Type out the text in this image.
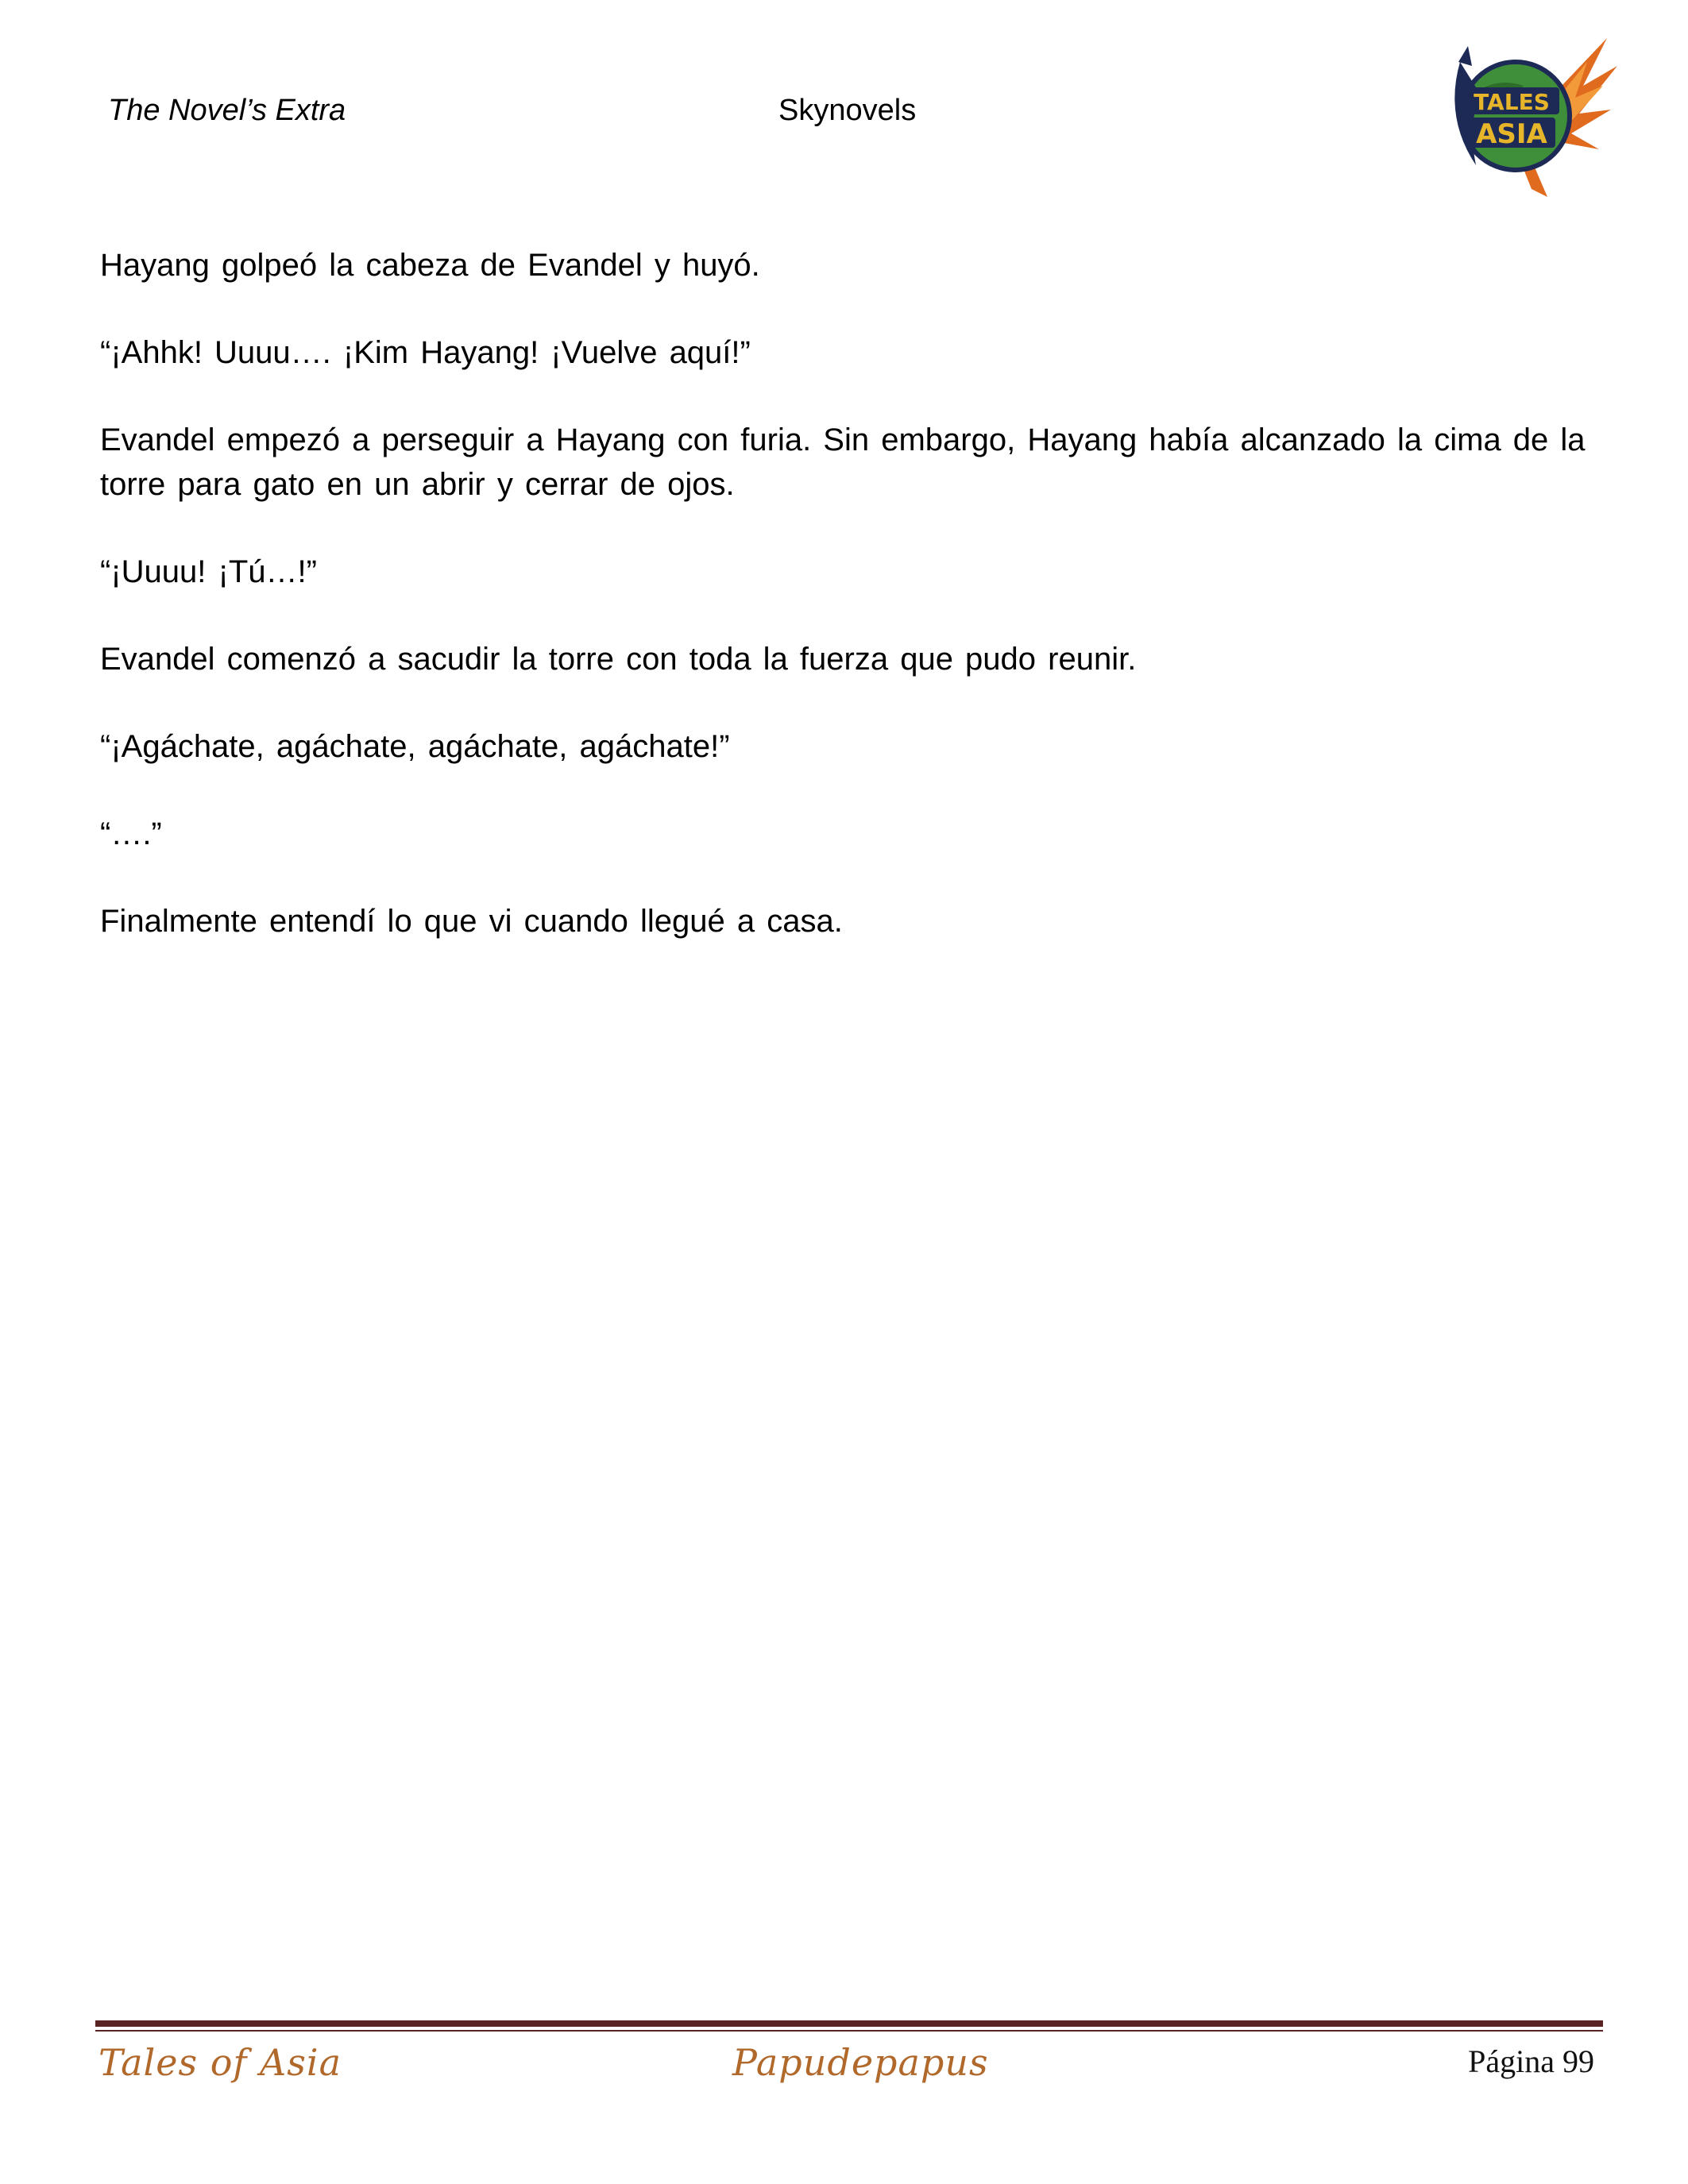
The Novel’s Extra	Skynovels	TALES
ASIA

Hayang golpeó la cabeza de Evandel y huyó.

“¡Ahhk! Uuuu…. ¡Kim Hayang! ¡Vuelve aquí!”

Evandel empezó a perseguir a Hayang con furia. Sin embargo, Hayang había alcanzado la cima de la torre para gato en un abrir y cerrar de ojos.

“¡Uuuu! ¡Tú…!”

Evandel comenzó a sacudir la torre con toda la fuerza que pudo reunir.

“¡Agáchate, agáchate, agáchate, agáchate!”

“….”

Finalmente entendí lo que vi cuando llegué a casa.

Tales of Asia	Papudepapus	Página 99
